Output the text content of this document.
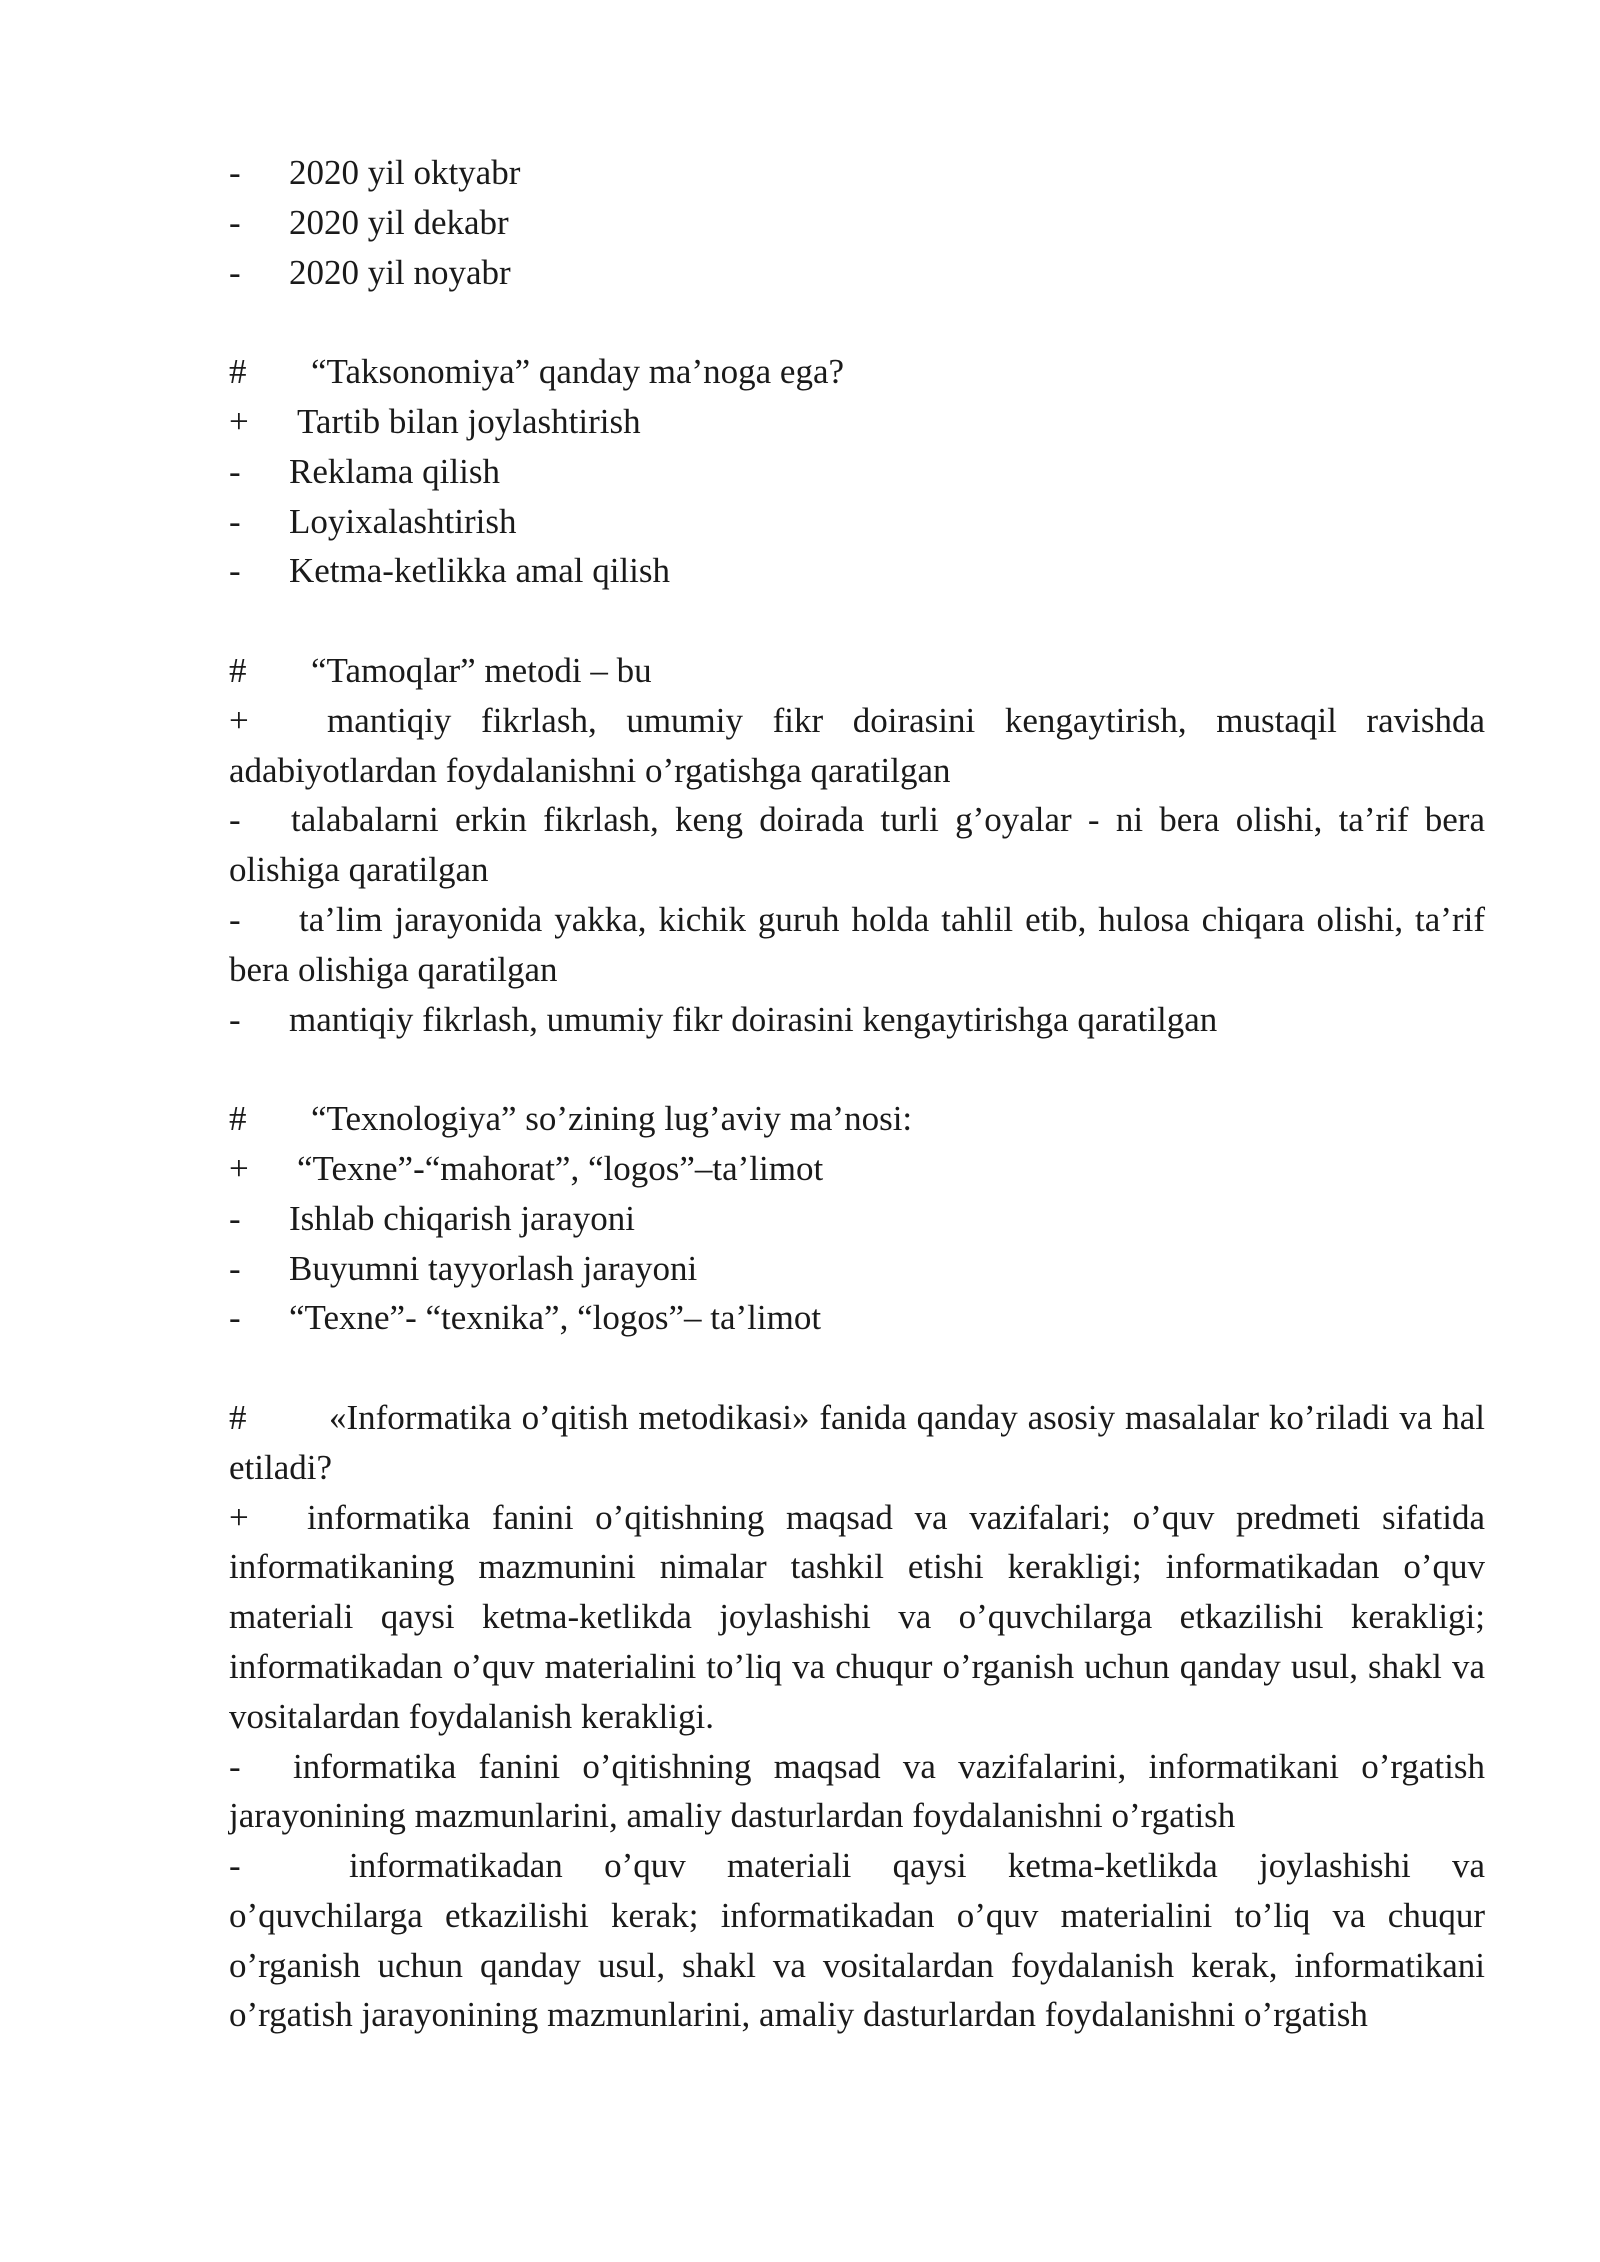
- 2020 yil oktyabr
- 2020 yil dekabr
- 2020 yil noyabr
# “Taksonomiya” qanday ma’noga ega?
+ Tartib bilan joylashtirish
- Reklama qilish
- Loyixalashtirish
- Ketma-ketlikka amal qilish
# “Tamoqlar” metodi – bu
+ mantiqiy fikrlash, umumiy fikr doirasini kengaytirish, mustaqil ravishda adabiyotlardan foydalanishni o’rgatishga qaratilgan
- talabalarni erkin fikrlash, keng doirada turli g’oyalar - ni bera olishi, ta’rif bera olishiga qaratilgan
- ta’lim jarayonida yakka, kichik guruh holda tahlil etib, hulosa chiqara olishi, ta’rif bera olishiga qaratilgan
- mantiqiy fikrlash, umumiy fikr doirasini kengaytirishga qaratilgan
# “Texnologiya” so’zining lug’aviy ma’nosi:
+ “Texne”-“mahorat”, “logos”–ta’limot
- Ishlab chiqarish jarayoni
- Buyumni tayyorlash jarayoni
- “Texne”- “texnika”, “logos”– ta’limot
# «Informatika o’qitish metodikasi» fanida qanday asosiy masalalar ko’riladi va hal etiladi?
+ informatika fanini o’qitishning maqsad va vazifalari; o’quv predmeti sifatida informatikaning mazmunini nimalar tashkil etishi kerakligi; informatikadan o’quv materiali qaysi ketma-ketlikda joylashishi va o’quvchilarga etkazilishi kerakligi; informatikadan o’quv materialini to’liq va chuqur o’rganish uchun qanday usul, shakl va vositalardan foydalanish kerakligi.
- informatika fanini o’qitishning maqsad va vazifalarini, informatikani o’rgatish jarayonining mazmunlarini, amaliy dasturlardan foydalanishni o’rgatish
-	informatikadan o’quv materiali qaysi ketma-ketlikda joylashishi va o’quvchilarga etkazilishi kerak; informatikadan o’quv materialini to’liq va chuqur o’rganish uchun qanday usul, shakl va vositalardan foydalanish kerak, informatikani o’rgatish jarayonining mazmunlarini, amaliy dasturlardan foydalanishni o’rgatish
